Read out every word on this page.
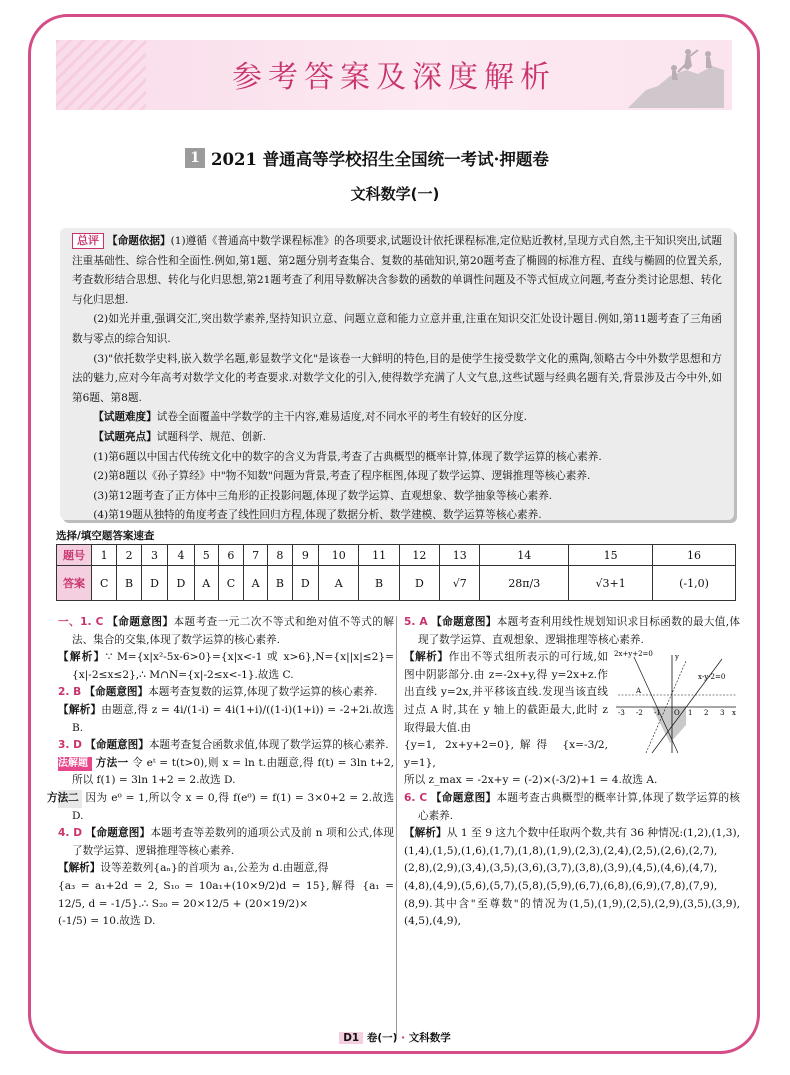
参考答案及深度解析
1 2021 普通高等学校招生全国统一考试·押题卷
文科数学(一)

总评 【命题依据】(1)遵循《普通高中数学课程标准》的各项要求,试题设计依托课程标准,定位贴近教材,呈现方式自然,主干知识突出,试题注重基础性、综合性和全面性.例如,第1题、第2题分别考查集合、复数的基础知识,第20题考查了椭圆的标准方程、直线与椭圆的位置关系,考查数形结合思想、转化与化归思想,第21题考查了利用导数解决含参数的函数的单调性问题及不等式恒成立问题,考查分类讨论思想、转化与化归思想.

(2)如光并重,强调交汇,突出数学素养,坚持知识立意、问题立意和能力立意并重,注重在知识交汇处设计题目.例如,第11题考查了三角函数与零点的综合知识.

(3)"依托数学史料,嵌入数学名题,彰显数学文化"是该卷一大鲜明的特色,目的是使学生接受数学文化的熏陶,领略古今中外数学思想和方法的魅力,应对今年高考对数学文化的考查要求.对数学文化的引入,使得数学充满了人文气息,这些试题与经典名题有关,背景涉及古今中外,如第6题、第8题.

【试题难度】试卷全面覆盖中学数学的主干内容,难易适度,对不同水平的考生有较好的区分度.

【试题亮点】试题科学、规范、创新.

(1)第6题以中国古代传统文化中的数字的含义为背景,考查了古典概型的概率计算,体现了数学运算的核心素养.

(2)第8题以《孙子算经》中"物不知数"问题为背景,考查了程序框图,体现了数学运算、逻辑推理等核心素养.

(3)第12题考查了正方体中三角形的正投影问题,体现了数学运算、直观想象、数学抽象等核心素养.

(4)第19题从独特的角度考查了线性回归方程,体现了数据分析、数学建模、数学运算等核心素养.

选择/填空题答案速查
题号	1	2	3	4	5	6	7	8	9	10	11	12	13	14	15	16
答案	C	B	D	D	A	C	A	B	D	A	B	D	√7	28π/3	√3+1	(-1,0)

一、1. C 【命题意图】本题考查一元二次不等式和绝对值不等式的解法、集合的交集,体现了数学运算的核心素养.

【解析】∵ M={x|x²-5x-6>0}={x|x<-1 或 x>6},N={x||x|≤2}={x|-2≤x≤2},∴ M∩N={x|-2≤x<-1}.故选 C.

2. B 【命题意图】本题考查复数的运算,体现了数学运算的核心素养.

【解析】由题意,得 z = 4i/(1-i) = 4i(1+i)/((1-i)(1+i)) = -2+2i.故选 B.

3. D 【命题意图】本题考查复合函数求值,体现了数学运算的核心素养.

多法解题 方法一 令 eᵗ = t(t>0),则 x = ln t.由题意,得 f(t) = 3ln t+2,所以 f(1) = 3ln 1+2 = 2.故选 D.

方法二 因为 e⁰ = 1,所以令 x = 0,得 f(e⁰) = f(1) = 3×0+2 = 2.故选 D.

4. D 【命题意图】本题考查等差数列的通项公式及前 n 项和公式,体现了数学运算、逻辑推理等核心素养.

【解析】设等差数列{aₙ}的首项为 a₁,公差为 d.由题意,得

{a₃ = a₁+2d = 2, S₁₀ = 10a₁+(10×9/2)d = 15},解得 {a₁ = 12/5, d = -1/5}.∴ S₂₀ = 20×12/5 + (20×19/2)×

(-1/5) = 10.故选 D.

5. A 【命题意图】本题考查利用线性规划知识求目标函数的最大值,体现了数学运算、直观想象、逻辑推理等核心素养.

2x+y+2=0
x-y-2=0
y
x
A
O
-3 -2 -1	1 2 3

【解析】作出不等式组所表示的可行域,如图中阴影部分.由 z=-2x+y,得 y=2x+z.作出直线 y=2x,并平移该直线.发现当该直线过点 A 时,其在 y 轴上的截距最大,此时 z 取得最大值.由

{y=1, 2x+y+2=0},解得 {x=-3/2, y=1},

所以 z_max = -2x+y = (-2)×(-3/2)+1 = 4.故选 A.

6. C 【命题意图】本题考查古典概型的概率计算,体现了数学运算的核心素养.

【解析】从 1 至 9 这九个数中任取两个数,共有 36 种情况:(1,2),(1,3),(1,4),(1,5),(1,6),(1,7),(1,8),(1,9),(2,3),(2,4),(2,5),(2,6),(2,7),(2,8),(2,9),(3,4),(3,5),(3,6),(3,7),(3,8),(3,9),(4,5),(4,6),(4,7),(4,8),(4,9),(5,6),(5,7),(5,8),(5,9),(6,7),(6,8),(6,9),(7,8),(7,9),(8,9).其中含"至尊数"的情况为(1,5),(1,9),(2,5),(2,9),(3,5),(3,9),(4,5),(4,9),

D1 卷(一) · 文科数学
